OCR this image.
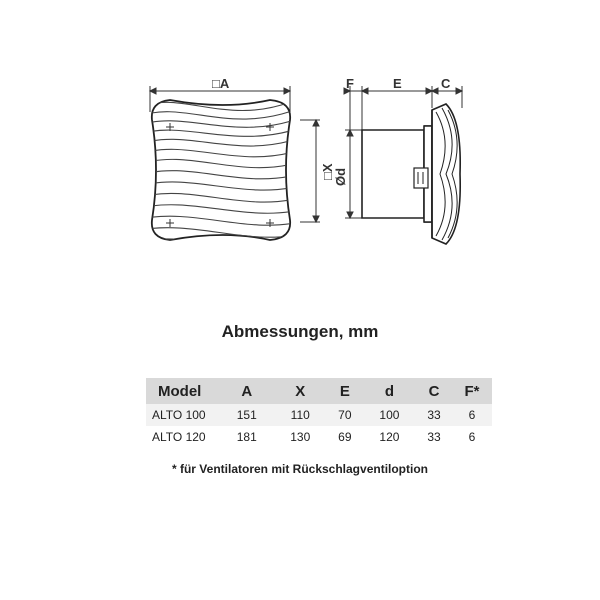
□A
□X
F	E	C
Ød
Abmessungen, mm
Model	A	X	E	d	C	F*
ALTO 100	151	110	70	100	33	6
ALTO 120	181	130	69	120	33	6
* für Ventilatoren mit Rückschlagventiloption
